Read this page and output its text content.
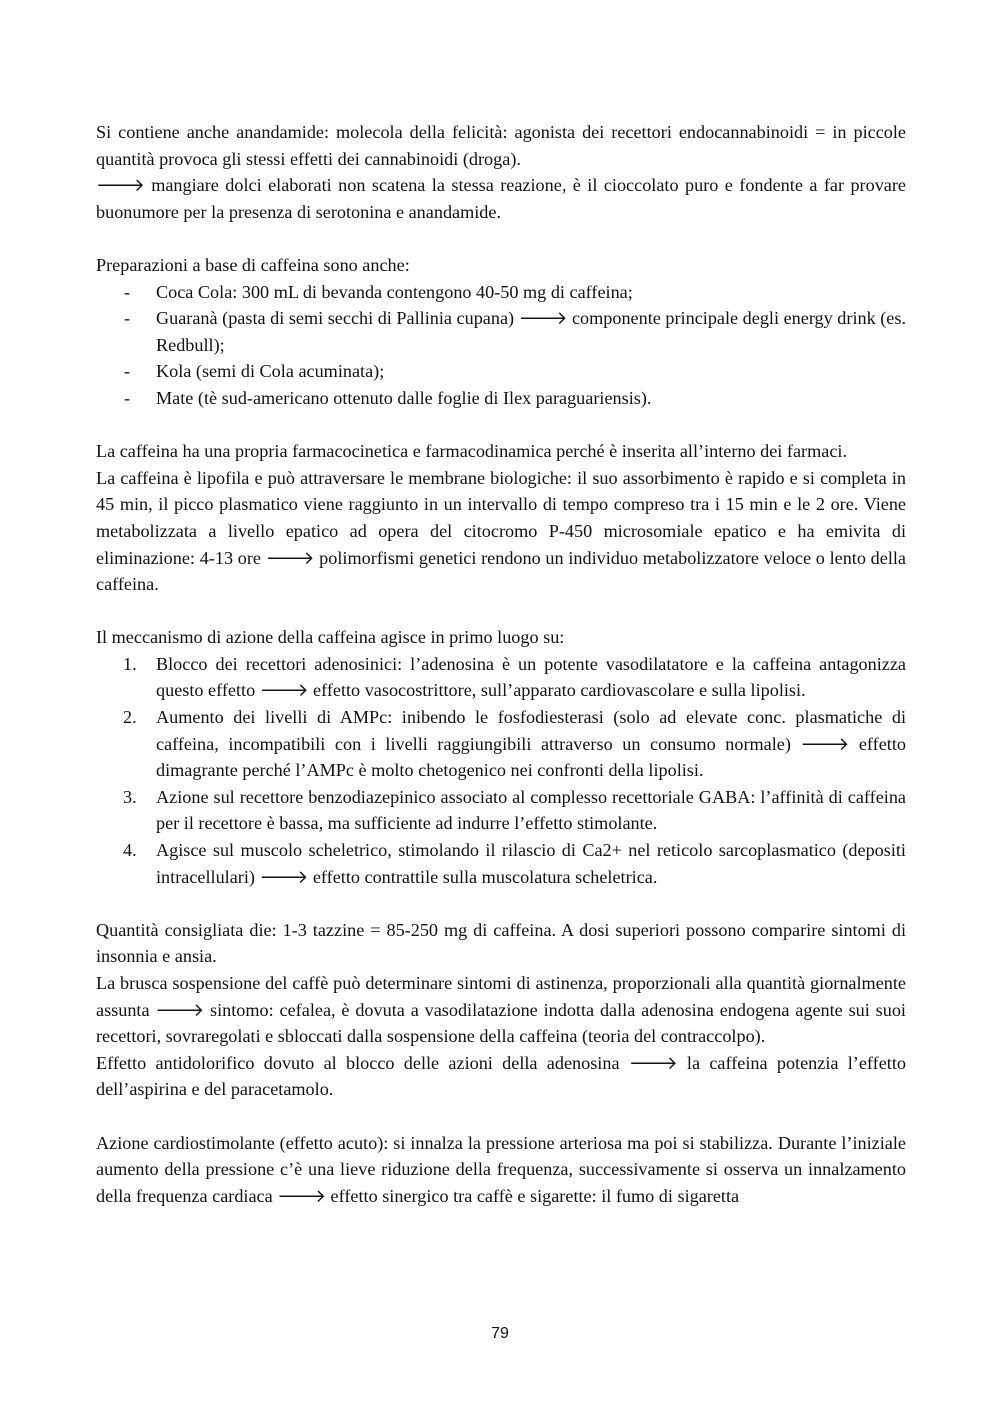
Si contiene anche anandamide: molecola della felicità: agonista dei recettori endocannabinoidi = in piccole quantità provoca gli stessi effetti dei cannabinoidi (droga).

🡒 mangiare dolci elaborati non scatena la stessa reazione, è il cioccolato puro e fondente a far provare buonumore per la presenza di serotonina e anandamide.

Preparazioni a base di caffeina sono anche:

- Coca Cola: 300 mL di bevanda contengono 40-50 mg di caffeina;
- Guaranà (pasta di semi secchi di Pallinia cupana) 🡒 componente principale degli energy drink (es. Redbull);
- Kola (semi di Cola acuminata);
- Mate (tè sud-americano ottenuto dalle foglie di Ilex paraguariensis).

La caffeina ha una propria farmacocinetica e farmacodinamica perché è inserita all’interno dei farmaci.

La caffeina è lipofila e può attraversare le membrane biologiche: il suo assorbimento è rapido e si completa in 45 min, il picco plasmatico viene raggiunto in un intervallo di tempo compreso tra i 15 min e le 2 ore. Viene metabolizzata a livello epatico ad opera del citocromo P-450 microsomiale epatico e ha emivita di eliminazione: 4-13 ore 🡒 polimorfismi genetici rendono un individuo metabolizzatore veloce o lento della caffeina.

Il meccanismo di azione della caffeina agisce in primo luogo su:

1. Blocco dei recettori adenosinici: l’adenosina è un potente vasodilatatore e la caffeina antagonizza questo effetto 🡒 effetto vasocostrittore, sull’apparato cardiovascolare e sulla lipolisi.
2. Aumento dei livelli di AMPc: inibendo le fosfodiesterasi (solo ad elevate conc. plasmatiche di caffeina, incompatibili con i livelli raggiungibili attraverso un consumo normale) 🡒 effetto dimagrante perché l’AMPc è molto chetogenico nei confronti della lipolisi.
3. Azione sul recettore benzodiazepinico associato al complesso recettoriale GABA: l’affinità di caffeina per il recettore è bassa, ma sufficiente ad indurre l’effetto stimolante.
4. Agisce sul muscolo scheletrico, stimolando il rilascio di Ca2+ nel reticolo sarcoplasmatico (depositi intracellulari) 🡒 effetto contrattile sulla muscolatura scheletrica.

Quantità consigliata die: 1-3 tazzine = 85-250 mg di caffeina. A dosi superiori possono comparire sintomi di insonnia e ansia.

La brusca sospensione del caffè può determinare sintomi di astinenza, proporzionali alla quantità giornalmente assunta 🡒 sintomo: cefalea, è dovuta a vasodilatazione indotta dalla adenosina endogena agente sui suoi recettori, sovraregolati e sbloccati dalla sospensione della caffeina (teoria del contraccolpo).

Effetto antidolorifico dovuto al blocco delle azioni della adenosina 🡒 la caffeina potenzia l’effetto dell’aspirina e del paracetamolo.

Azione cardiostimolante (effetto acuto): si innalza la pressione arteriosa ma poi si stabilizza. Durante l’iniziale aumento della pressione c’è una lieve riduzione della frequenza, successivamente si osserva un innalzamento della frequenza cardiaca 🡒 effetto sinergico tra caffè e sigarette: il fumo di sigaretta

79
